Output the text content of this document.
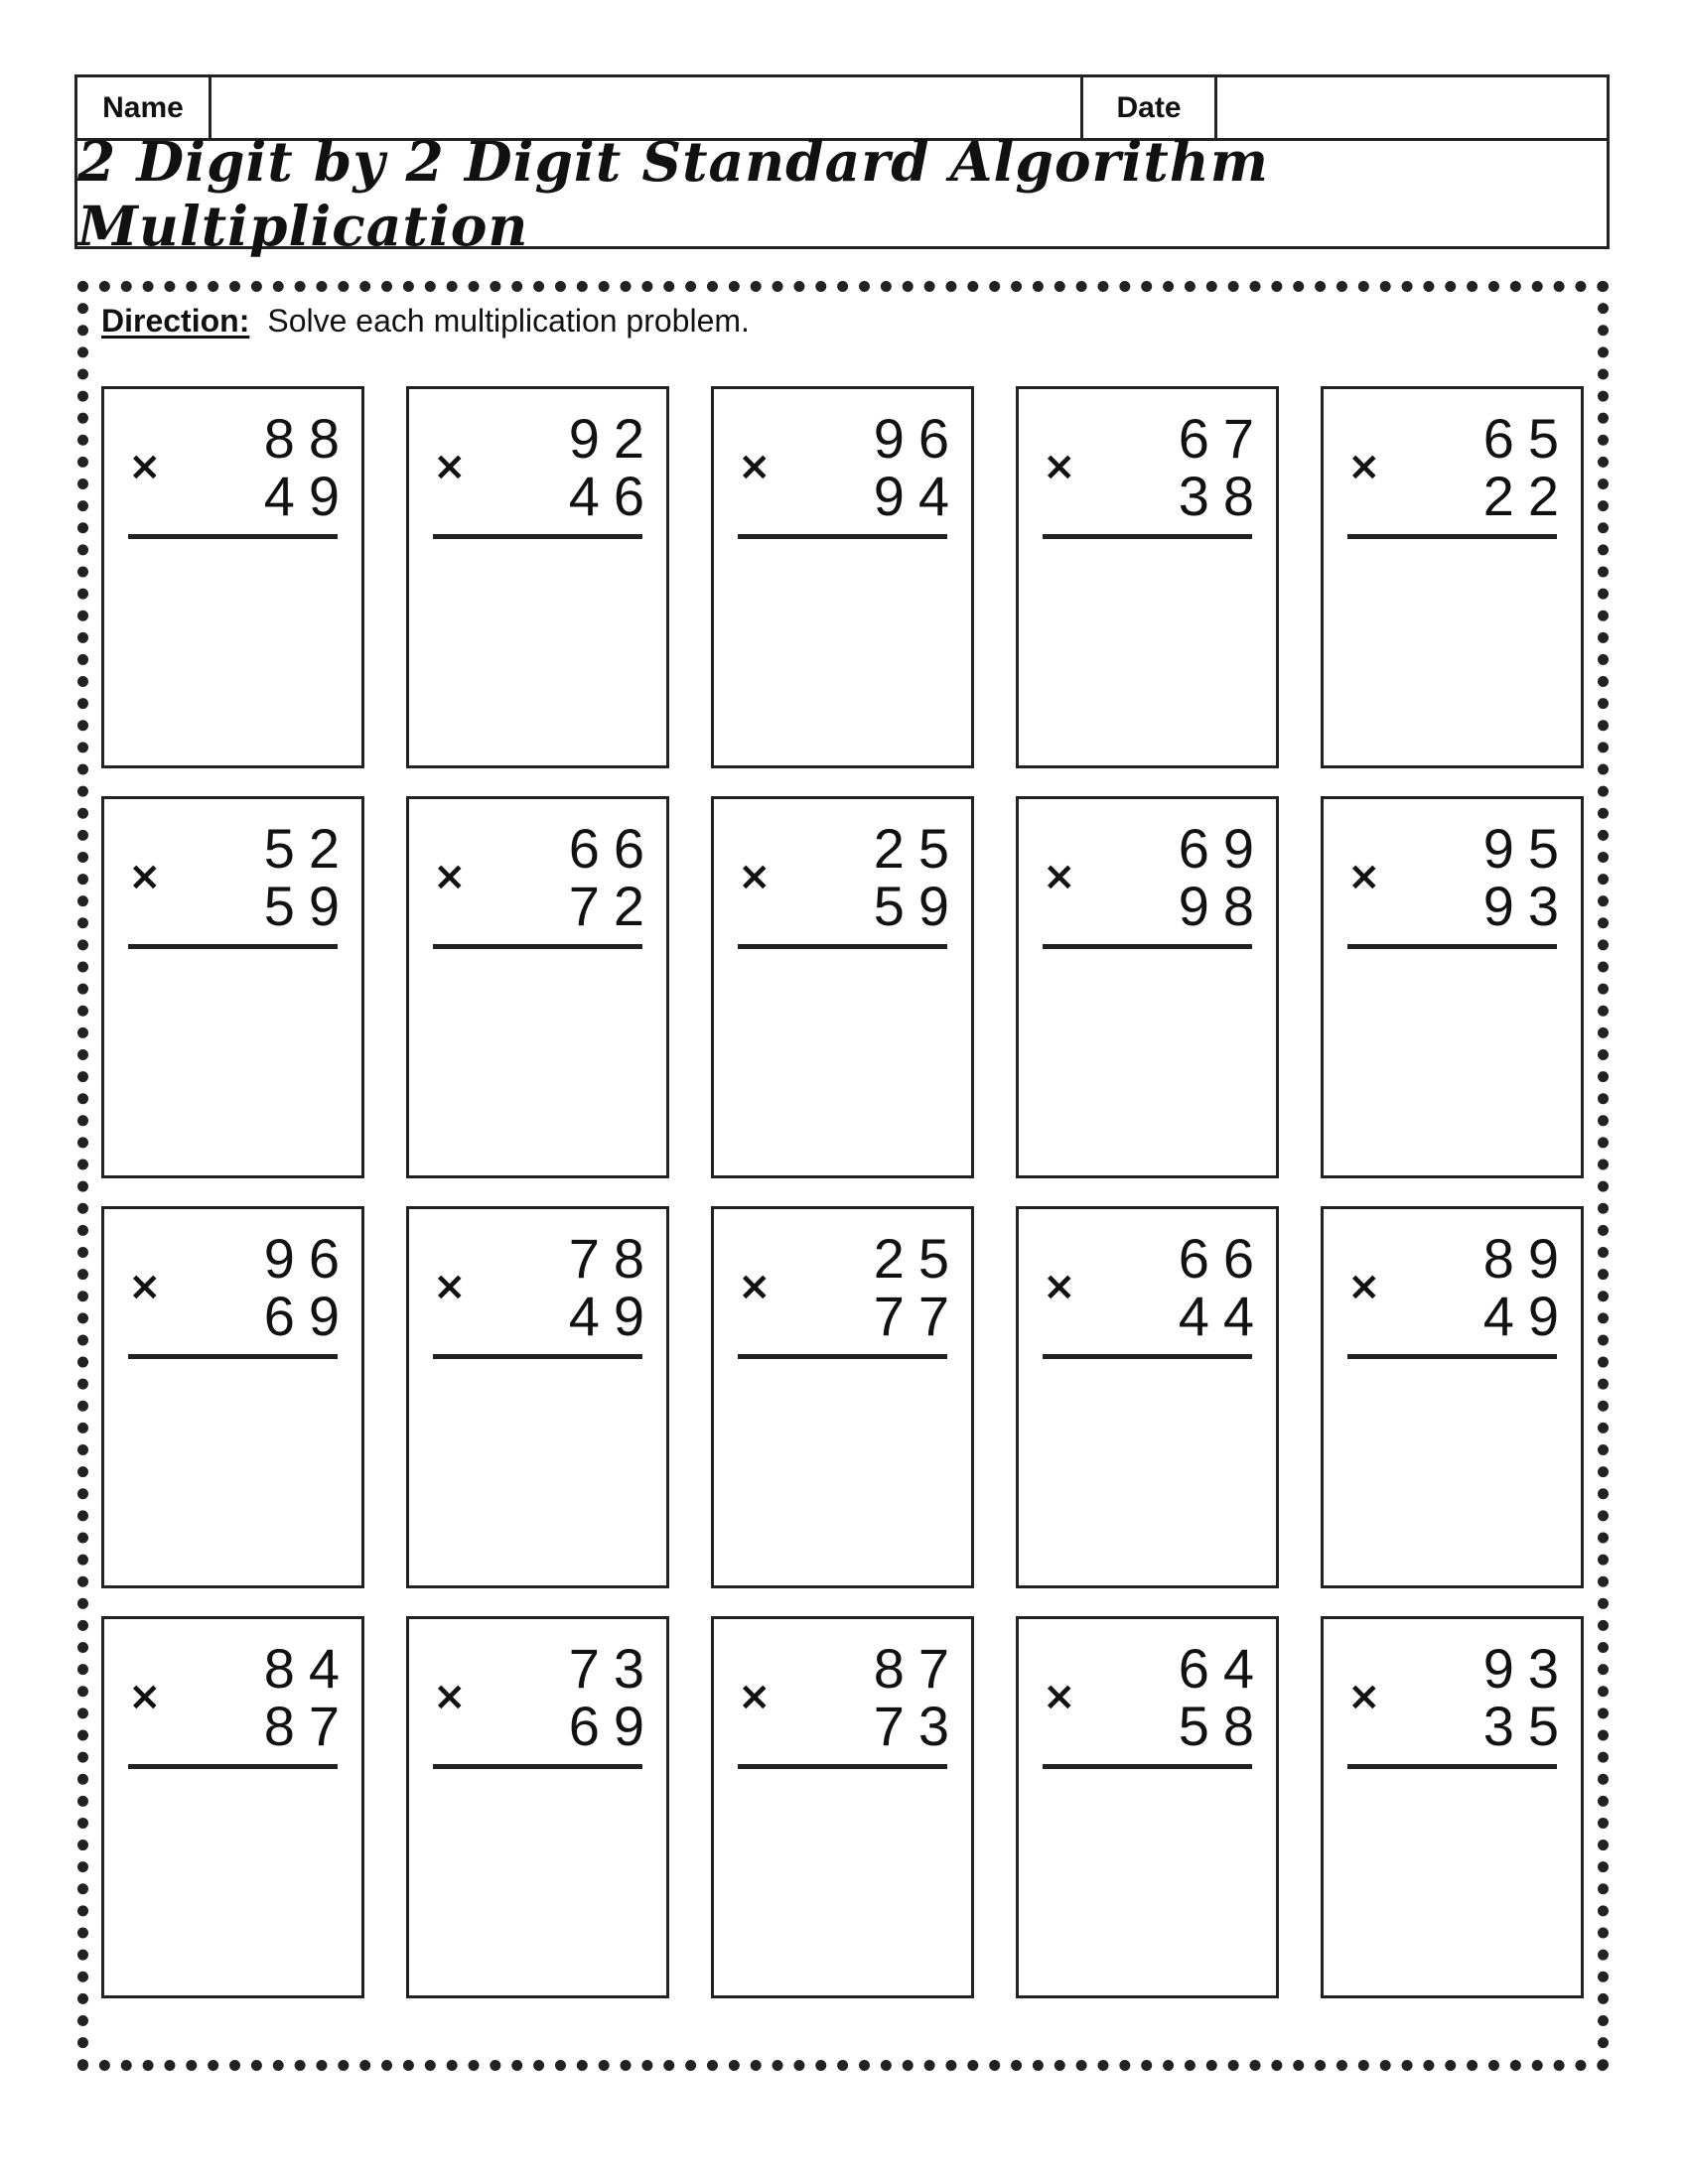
Name	Date
2 Digit by 2 Digit Standard Algorithm Multiplication
Direction: Solve each multiplication problem.
88
× 49
92
× 46
96
× 94
67
× 38
65
× 22
52
× 59
66
× 72
25
× 59
69
× 98
95
× 93
96
× 69
78
× 49
25
× 77
66
× 44
89
× 49
84
× 87
73
× 69
87
× 73
64
× 58
93
× 35
